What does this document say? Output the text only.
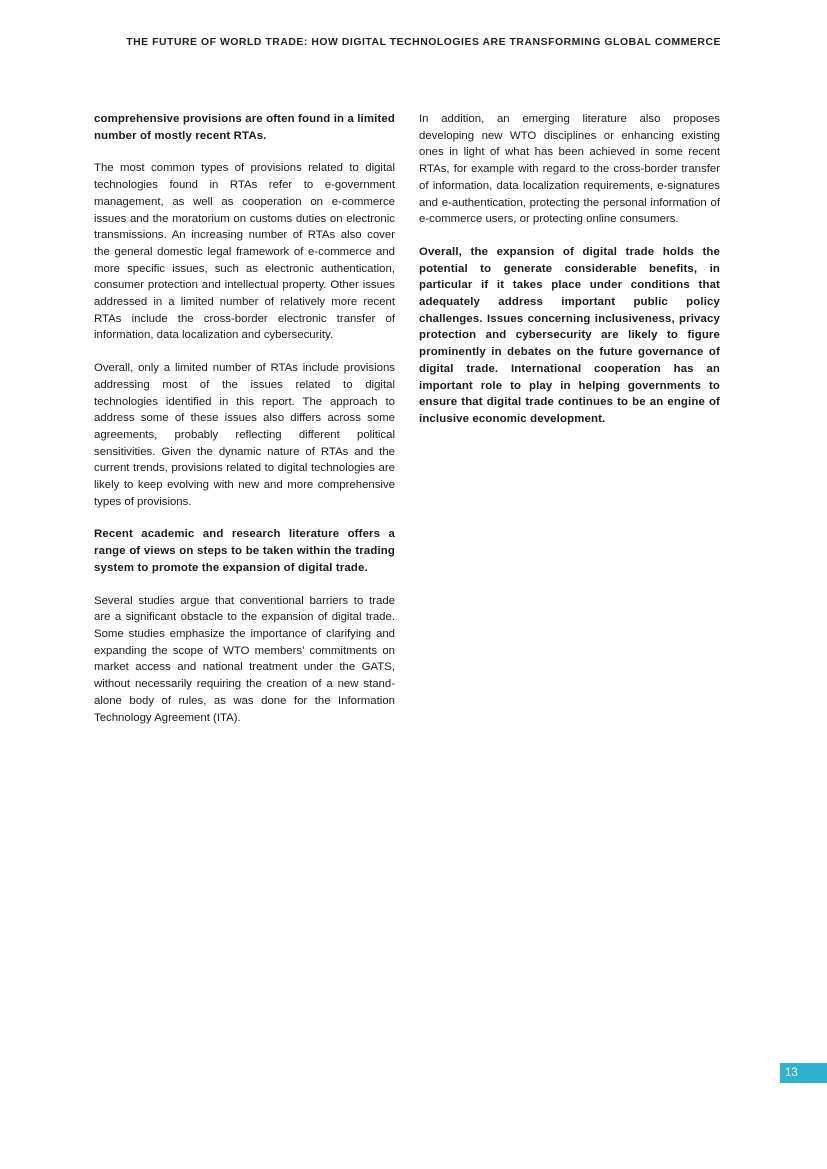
THE FUTURE OF WORLD TRADE: HOW DIGITAL TECHNOLOGIES ARE TRANSFORMING GLOBAL COMMERCE

comprehensive provisions are often found in a limited number of mostly recent RTAs.

The most common types of provisions related to digital technologies found in RTAs refer to e-government management, as well as cooperation on e-commerce issues and the moratorium on customs duties on electronic transmissions. An increasing number of RTAs also cover the general domestic legal framework of e-commerce and more specific issues, such as electronic authentication, consumer protection and intellectual property. Other issues addressed in a limited number of relatively more recent RTAs include the cross-border electronic transfer of information, data localization and cybersecurity.

Overall, only a limited number of RTAs include provisions addressing most of the issues related to digital technologies identified in this report. The approach to address some of these issues also differs across some agreements, probably reflecting different political sensitivities. Given the dynamic nature of RTAs and the current trends, provisions related to digital technologies are likely to keep evolving with new and more comprehensive types of provisions.

Recent academic and research literature offers a range of views on steps to be taken within the trading system to promote the expansion of digital trade.

Several studies argue that conventional barriers to trade are a significant obstacle to the expansion of digital trade. Some studies emphasize the importance of clarifying and expanding the scope of WTO members’ commitments on market access and national treatment under the GATS, without necessarily requiring the creation of a new stand-alone body of rules, as was done for the Information Technology Agreement (ITA).

In addition, an emerging literature also proposes developing new WTO disciplines or enhancing existing ones in light of what has been achieved in some recent RTAs, for example with regard to the cross-border transfer of information, data localization requirements, e-signatures and e-authentication, protecting the personal information of e-commerce users, or protecting online consumers.

Overall, the expansion of digital trade holds the potential to generate considerable benefits, in particular if it takes place under conditions that adequately address important public policy challenges. Issues concerning inclusiveness, privacy protection and cybersecurity are likely to figure prominently in debates on the future governance of digital trade. International cooperation has an important role to play in helping governments to ensure that digital trade continues to be an engine of inclusive economic development.

13
